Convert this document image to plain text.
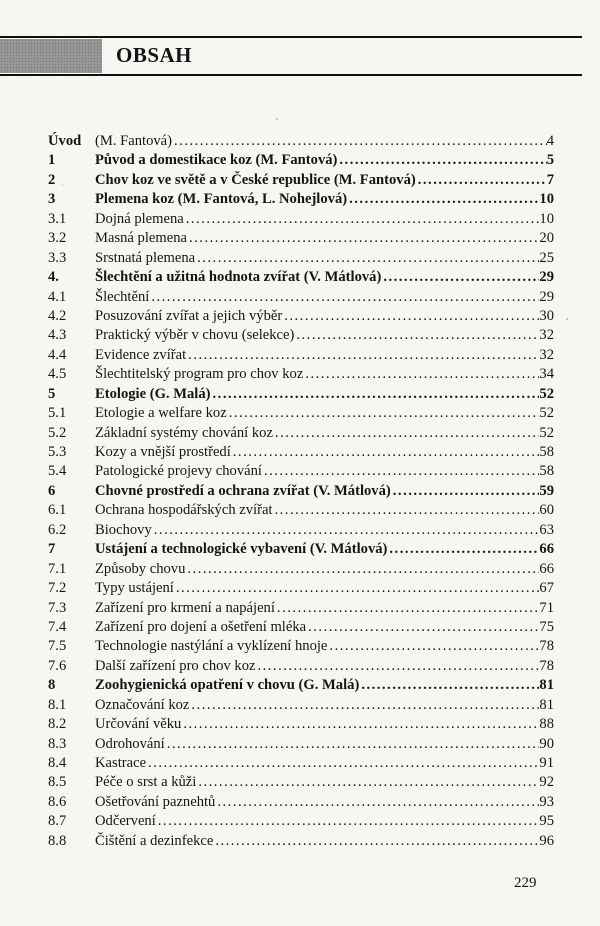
OBSAH
Úvod (M. Fantová) .....	4
1	Původ a domestikace koz (M. Fantová) .....	5
2	Chov koz ve světě a v České republice (M. Fantová) .....	7
3	Plemena koz (M. Fantová, L. Nohejlová) .....	10
3.1 Dojná plemena .....	10
3.2 Masná plemena .....	20
3.3 Srstnatá plemena .....	25
4. Šlechtění a užitná hodnota zvířat (V. Mátlová) .....	29
4.1 Šlechtění .....	29
4.2 Posuzování zvířat a jejich výběr .....	30
4.3 Praktický výběr v chovu (selekce) .....	32
4.4 Evidence zvířat .....	32
4.5 Šlechtitelský program pro chov koz .....	34
5	Etologie (G. Malá) .....	52
5.1 Etologie a welfare koz .....	52
5.2 Základní systémy chování koz .....	52
5.3 Kozy a vnější prostředí .....	58
5.4 Patologické projevy chování .....	58
6	Chovné prostředí a ochrana zvířat (V. Mátlová) .....	59
6.1 Ochrana hospodářských zvířat .....	60
6.2 Biochovy .....	63
7	Ustájení a technologické vybavení (V. Mátlová) .....	66
7.1 Způsoby chovu .....	66
7.2 Typy ustájení .....	67
7.3 Zařízení pro krmení a napájení .....	71
7.4 Zařízení pro dojení a ošetření mléka .....	75
7.5 Technologie nastýlání a vyklízení hnoje .....	78
7.6 Další zařízení pro chov koz .....	78
8	Zoohygienická opatření v chovu (G. Malá) .....	81
8.1 Označování koz .....	81
8.2 Určování věku .....	88
8.3 Odrohování .....	90
8.4 Kastrace .....	91
8.5 Péče o srst a kůži .....	92
8.6 Ošetřování paznehtů .....	93
8.7 Odčervení .....	95
8.8 Čištění a dezinfekce .....	96
229
